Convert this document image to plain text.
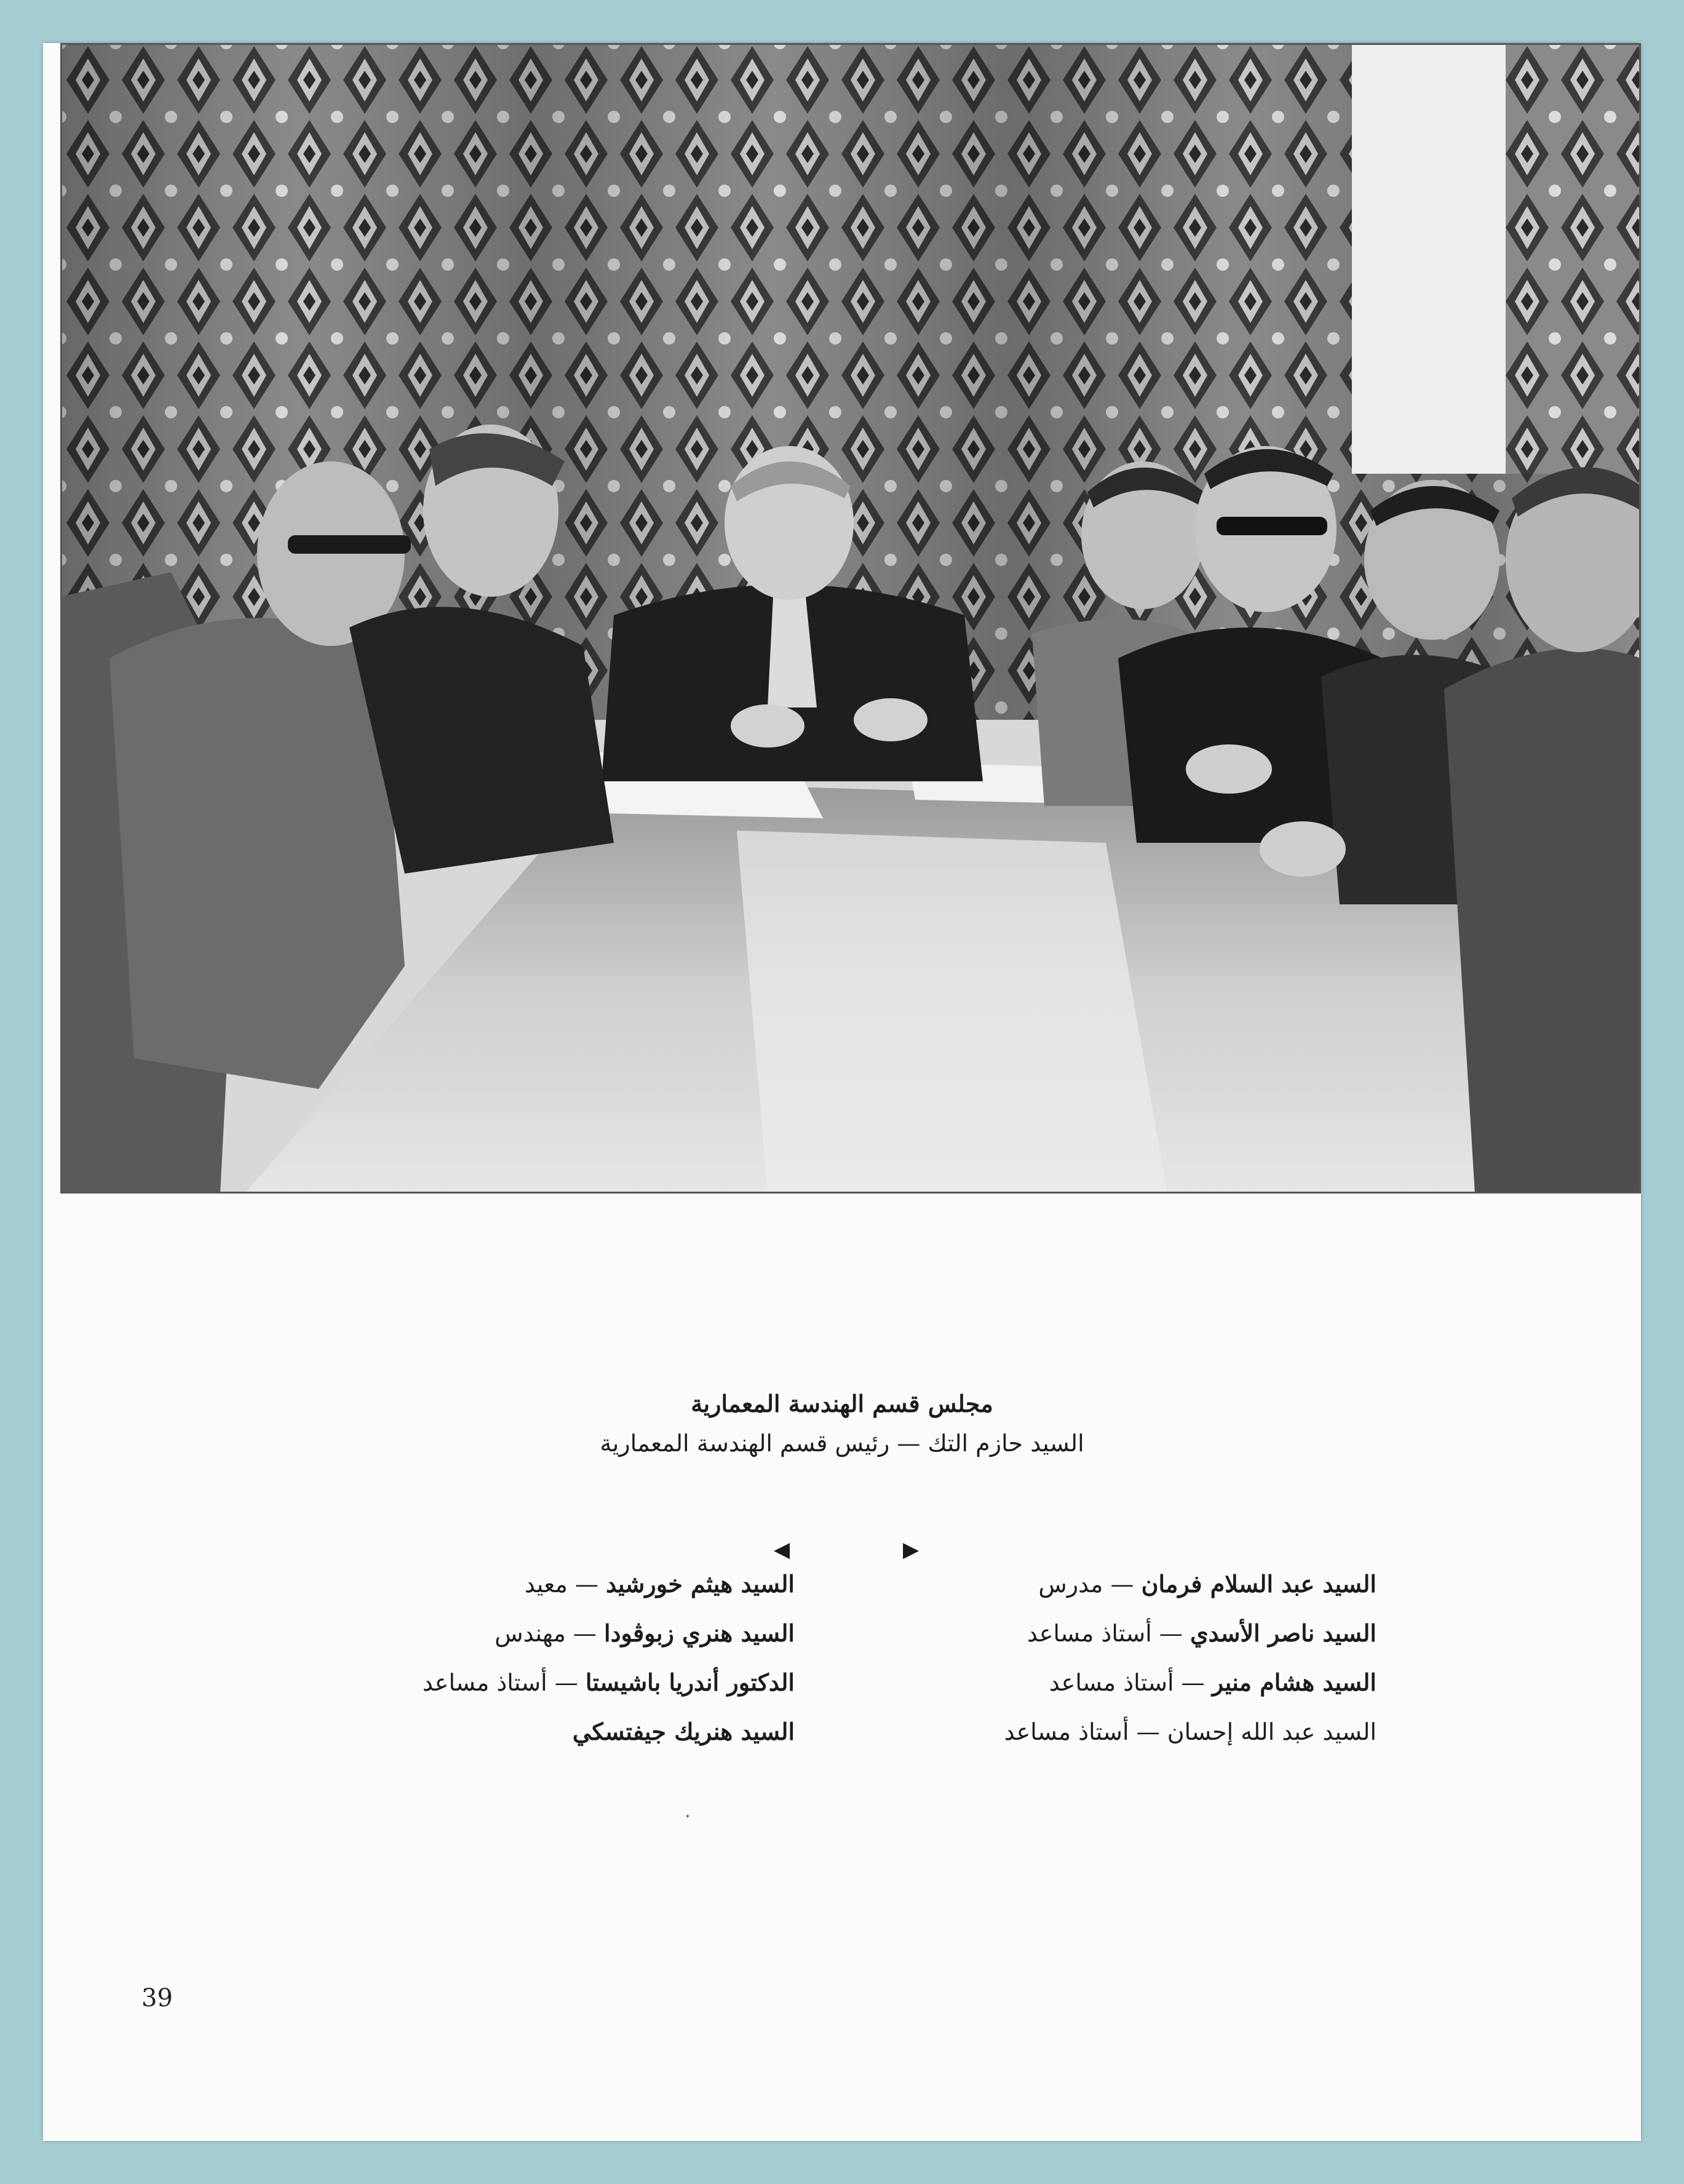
مجلس قسم الهندسة المعمارية
السيد حازم التك — رئيس قسم الهندسة المعمارية
◀	▶
السيد عبد السلام فرمان — مدرس
السيد ناصر الأسدي — أستاذ مساعد
السيد هشام منير — أستاذ مساعد
السيد عبد الله إحسان — أستاذ مساعد
السيد هيثم خورشيد — معيد
السيد هنري زبوڤودا — مهندس
الدكتور أندريا باشيستا — أستاذ مساعد
السيد هنريك جيفتسكي
39
